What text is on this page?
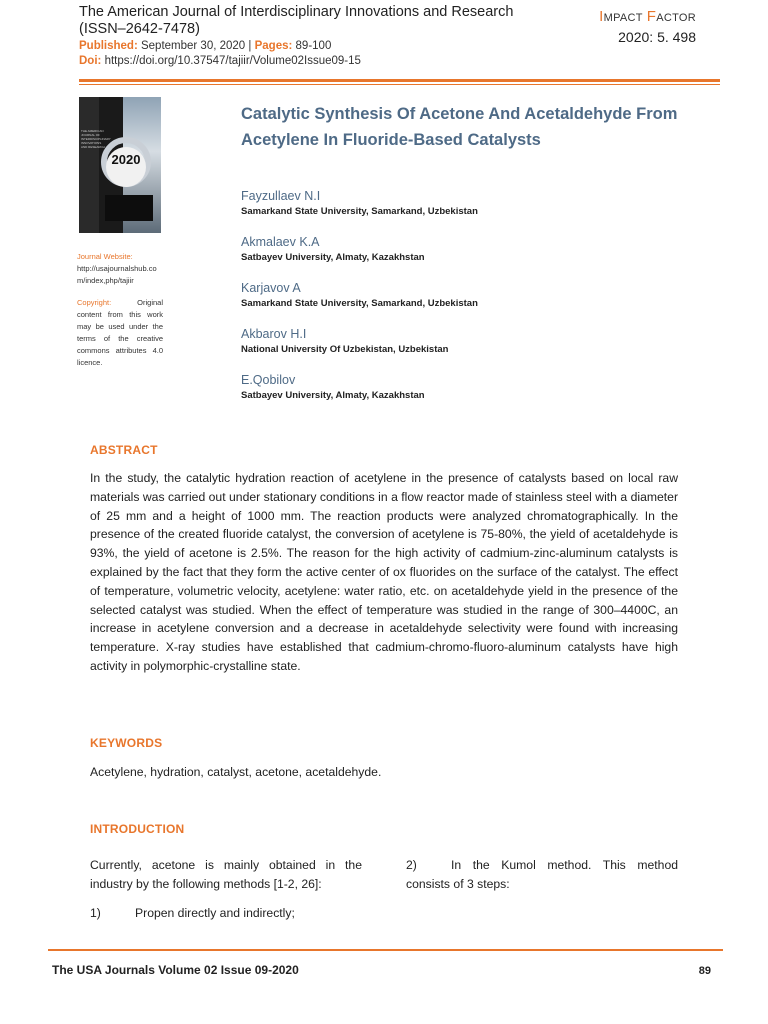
The American Journal of Interdisciplinary Innovations and Research
(ISSN–2642-7478)
Published: September 30, 2020 | Pages: 89-100
Doi: https://doi.org/10.37547/tajiir/Volume02Issue09-15
IMPACT FACTOR
2020: 5. 498
THE AMERICAN JOURNAL OF INTERDISCIPLINARY INNOVATIONS AND RESEARCH
2020
Journal Website:
http://usajournalshub.com/index,php/tajiir
Copyright:	Original content from this work may be used under the terms of the creative commons attributes 4.0 licence.
Catalytic Synthesis Of Acetone And Acetaldehyde From Acetylene In Fluoride-Based Catalysts
Fayzullaev N.I
Samarkand State University, Samarkand, Uzbekistan
Akmalaev K.A
Satbayev University, Almaty, Kazakhstan
Karjavov A
Samarkand State University, Samarkand, Uzbekistan
Akbarov H.I
National University Of Uzbekistan, Uzbekistan
E.Qobilov
Satbayev University, Almaty, Kazakhstan
ABSTRACT
In the study, the catalytic hydration reaction of acetylene in the presence of catalysts based on local raw materials was carried out under stationary conditions in a flow reactor made of stainless steel with a diameter of 25 mm and a height of 1000 mm. The reaction products were analyzed chromatographically. In the presence of the created fluoride catalyst, the conversion of acetylene is 75-80%, the yield of acetaldehyde is 93%, the yield of acetone is 2.5%. The reason for the high activity of cadmium-zinc-aluminum catalysts is explained by the fact that they form the active center of ox fluorides on the surface of the catalyst. The effect of temperature, volumetric velocity, acetylene: water ratio, etc. on acetaldehyde yield in the presence of the selected catalyst was studied. When the effect of temperature was studied in the range of 300–4400C, an increase in acetylene conversion and a decrease in acetaldehyde selectivity were found with increasing temperature. X-ray studies have established that cadmium-chromo-fluoro-aluminum catalysts have high activity in polymorphic-crystalline state.
KEYWORDS
Acetylene, hydration, catalyst, acetone, acetaldehyde.
INTRODUCTION
Currently, acetone is mainly obtained in the industry by the following methods [1-2, 26]:
1)	Propen directly and indirectly;
2)	In the Kumol method. This method consists of 3 steps:
The USA Journals Volume 02 Issue 09-2020	89
